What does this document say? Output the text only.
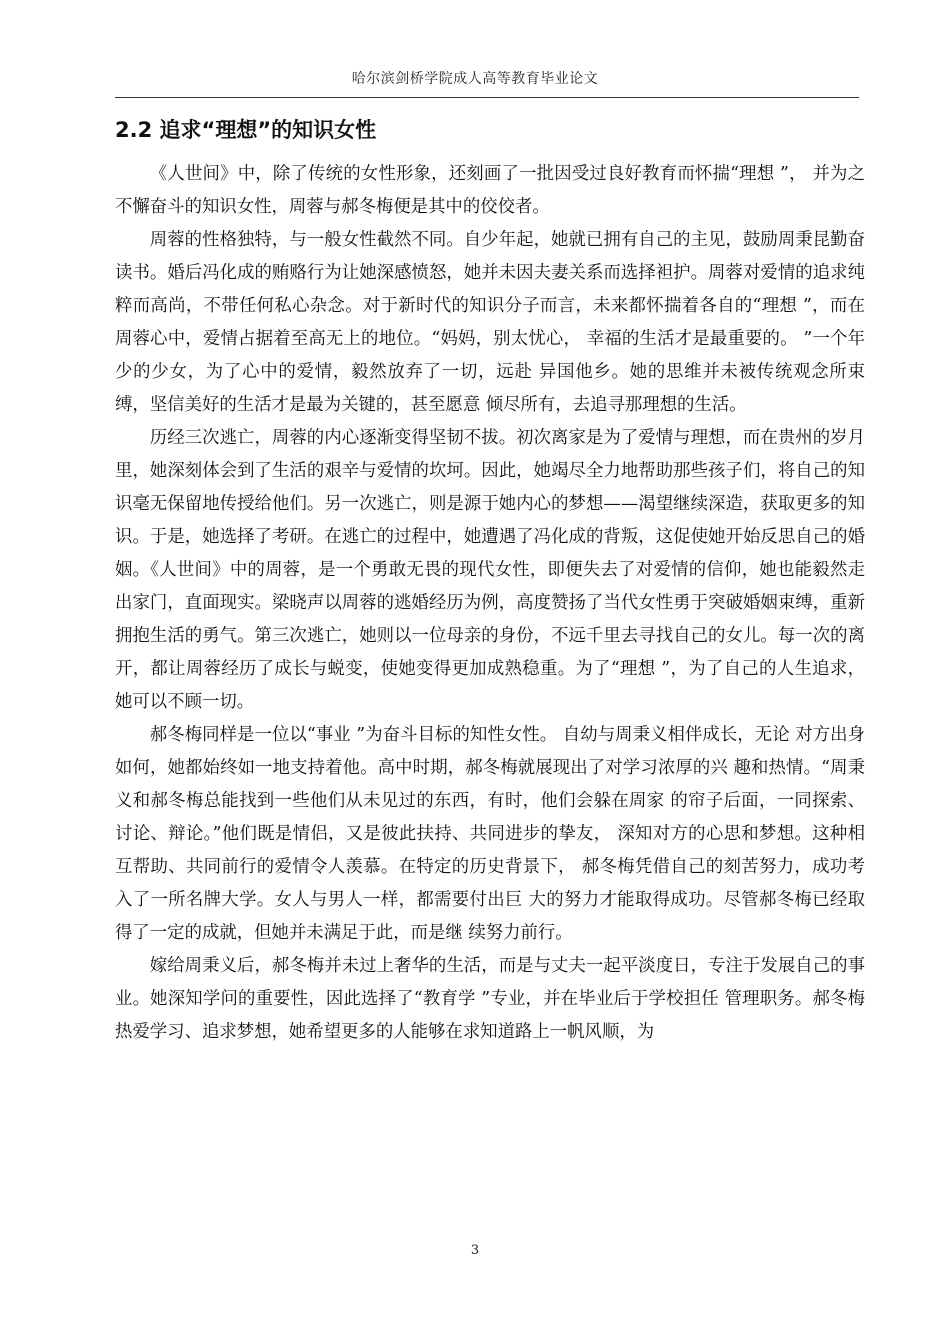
哈尔滨剑桥学院成人高等教育毕业论文
2.2 追求“理想”的知识女性

《人世间》中，除了传统的女性形象，还刻画了一批因受过良好教育而怀揣“理想 ”， 并为之不懈奋斗的知识女性，周蓉与郝冬梅便是其中的佼佼者。

周蓉的性格独特，与一般女性截然不同。自少年起，她就已拥有自己的主见，鼓励周秉昆勤奋读书。婚后冯化成的贿赂行为让她深感愤怒，她并未因夫妻关系而选择袒护。周蓉对爱情的追求纯粹而高尚，不带任何私心杂念。对于新时代的知识分子而言，未来都怀揣着各自的“理想 ”，而在周蓉心中，爱情占据着至高无上的地位。“妈妈，别太忧心， 幸福的生活才是最重要的。 ”一个年少的少女，为了心中的爱情，毅然放弃了一切，远赴 异国他乡。她的思维并未被传统观念所束缚，坚信美好的生活才是最为关键的，甚至愿意 倾尽所有，去追寻那理想的生活。

历经三次逃亡，周蓉的内心逐渐变得坚韧不拔。初次离家是为了爱情与理想，而在贵州的岁月里，她深刻体会到了生活的艰辛与爱情的坎坷。因此，她竭尽全力地帮助那些孩子们，将自己的知识毫无保留地传授给他们。另一次逃亡，则是源于她内心的梦想——渴望继续深造，获取更多的知识。于是，她选择了考研。在逃亡的过程中，她遭遇了冯化成的背叛，这促使她开始反思自己的婚姻。《人世间》中的周蓉，是一个勇敢无畏的现代女性，即便失去了对爱情的信仰，她也能毅然走出家门，直面现实。梁晓声以周蓉的逃婚经历为例，高度赞扬了当代女性勇于突破婚姻束缚，重新拥抱生活的勇气。第三次逃亡，她则以一位母亲的身份，不远千里去寻找自己的女儿。每一次的离开，都让周蓉经历了成长与蜕变，使她变得更加成熟稳重。为了“理想 ”，为了自己的人生追求，她可以不顾一切。

郝冬梅同样是一位以“事业 ”为奋斗目标的知性女性。 自幼与周秉义相伴成长，无论 对方出身如何，她都始终如一地支持着他。高中时期，郝冬梅就展现出了对学习浓厚的兴 趣和热情。“周秉义和郝冬梅总能找到一些他们从未见过的东西，有时，他们会躲在周家 的帘子后面，一同探索、讨论、辩论。”他们既是情侣，又是彼此扶持、共同进步的挚友， 深知对方的心思和梦想。这种相互帮助、共同前行的爱情令人羡慕。在特定的历史背景下， 郝冬梅凭借自己的刻苦努力，成功考入了一所名牌大学。女人与男人一样，都需要付出巨 大的努力才能取得成功。尽管郝冬梅已经取得了一定的成就，但她并未满足于此，而是继 续努力前行。

嫁给周秉义后，郝冬梅并未过上奢华的生活，而是与丈夫一起平淡度日，专注于发展自己的事业。她深知学问的重要性，因此选择了“教育学 ”专业，并在毕业后于学校担任 管理职务。郝冬梅热爱学习、追求梦想，她希望更多的人能够在求知道路上一帆风顺，为

3
